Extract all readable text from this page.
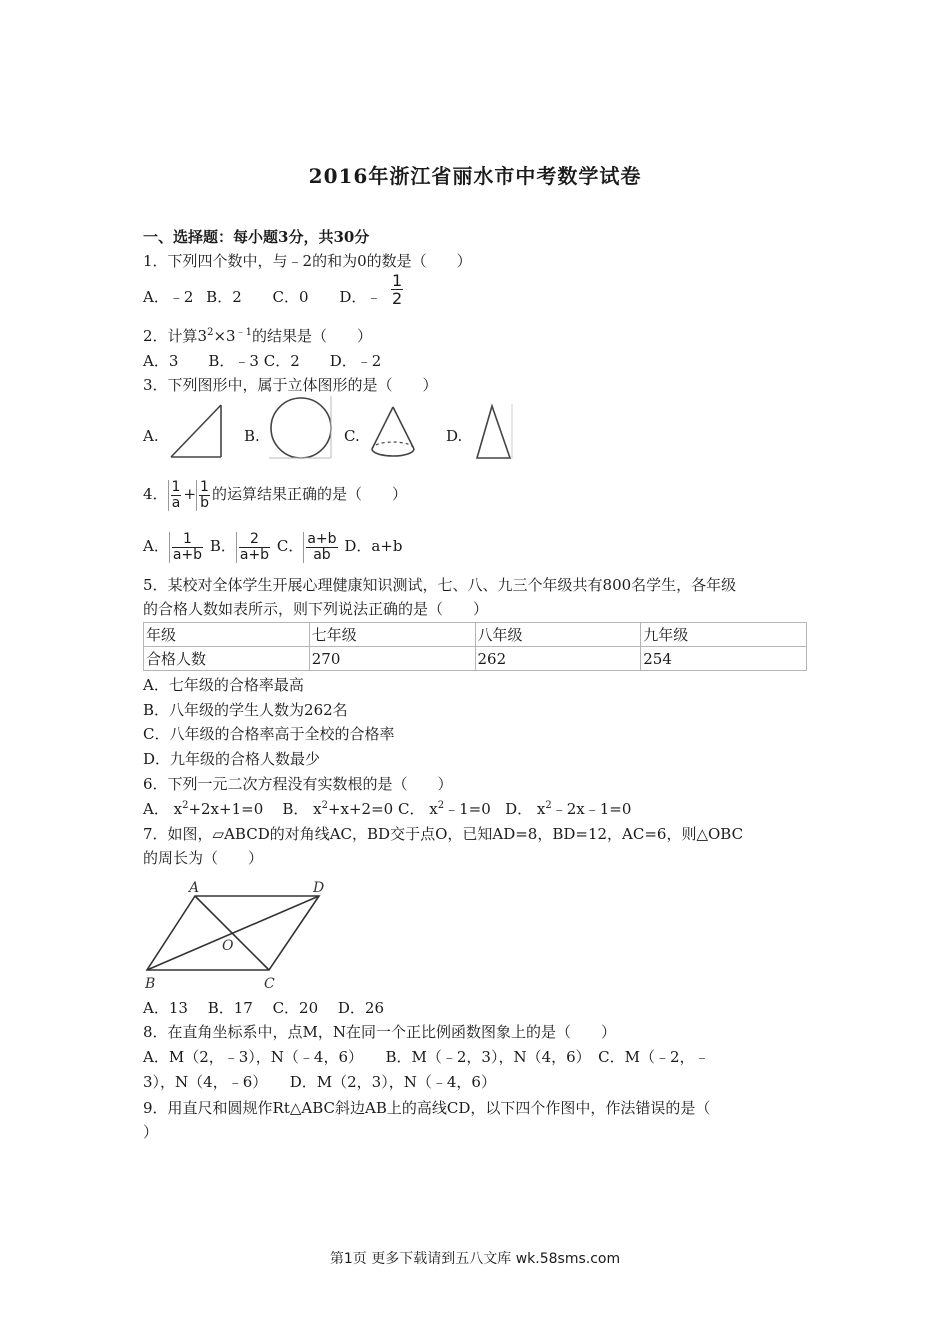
2016年浙江省丽水市中考数学试卷
一、选择题：每小题3分，共30分
1．下列四个数中，与﹣2的和为0的数是（　　）
A．﹣2 B．2 C．0 D．﹣ $\frac{1}{2}$
2．计算$3^2\times 3^{﹣1}$的结果是（　　）
A．3　　B．﹣3 C．2　　D．﹣2
3．下列图形中，属于立体图形的是（　　）
A.	B.	C.	D.
4． $\frac{1}{a} + \frac{1}{b}$ 的运算结果正确的是（　　）
A． $\frac{1}{a+b}$ B． $\frac{2}{a+b}$ C． $\frac{a+b}{ab}$ D．a+b
5．某校对全体学生开展心理健康知识测试，七、八、九三个年级共有800名学生，各年级
的合格人数如表所示，则下列说法正确的是（　　）
年级	七年级	八年级	九年级
合格人数	270	262	254
A．七年级的合格率最高
B．八年级的学生人数为262名
C．八年级的合格率高于全校的合格率
D．九年级的合格人数最少
6．下列一元二次方程没有实数根的是（　　）
A． $x^2+2x+1=0$ B． $x^2+x+2=0$ C． $x^2﹣1=0$ D． $x^2﹣2x﹣1=0$
7．如图，▱ABCD的对角线AC，BD交于点O，已知AD=8，BD=12，AC=6，则△OBC
的周长为（　　）
A	D
B	C
O
A．13　 B．17　 C．20　 D．26
8．在直角坐标系中，点M，N在同一个正比例函数图象上的是（　　）
A．M（2，﹣3），N（﹣4，6）　　B．M（﹣2，3），N（4，6）　C．M（﹣2，﹣
3），N（4，﹣6）　　D．M（2，3），N（﹣4，6）
9．用直尺和圆规作Rt△ABC斜边AB上的高线CD，以下四个作图中，作法错误的是（
）
第1页 更多下载请到五八文库 wk.58sms.com
